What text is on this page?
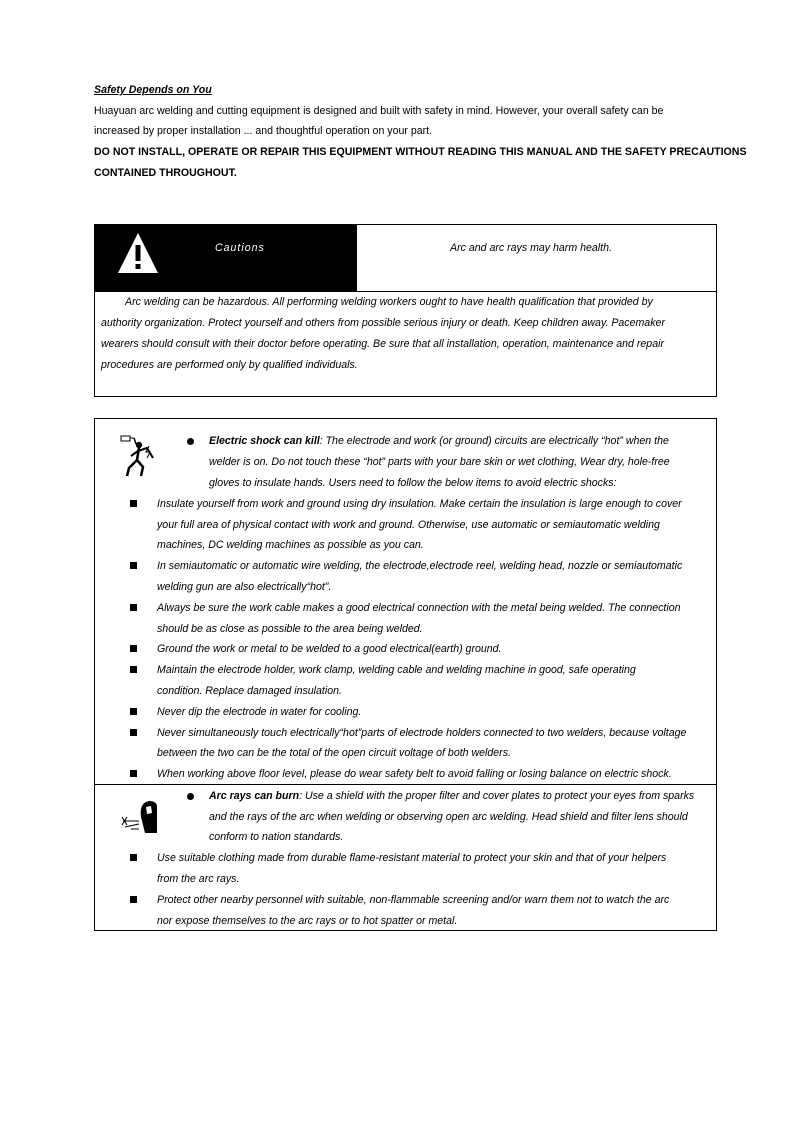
Safety Depends on You
Huayuan arc welding and cutting equipment is designed and built with safety in mind. However, your overall safety can be
increased by proper installation ... and thoughtful operation on your part.
DO NOT INSTALL, OPERATE OR REPAIR THIS EQUIPMENT WITHOUT READING THIS MANUAL AND THE SAFETY PRECAUTIONS
CONTAINED THROUGHOUT.
Cautions	Arc and arc rays may harm health.
Arc welding can be hazardous. All performing welding workers ought to have health qualification that provided by
authority organization. Protect yourself and others from possible serious injury or death. Keep children away. Pacemaker
wearers should consult with their doctor before operating. Be sure that all installation, operation, maintenance and repair
procedures are performed only by qualified individuals.
Electric shock can kill: The electrode and work (or ground) circuits are electrically “hot” when the
welder is on. Do not touch these “hot” parts with your bare skin or wet clothing, Wear dry, hole-free
gloves to insulate hands. Users need to follow the below items to avoid electric shocks:
Insulate yourself from work and ground using dry insulation. Make certain the insulation is large enough to cover
your full area of physical contact with work and ground. Otherwise, use automatic or semiautomatic welding
machines, DC welding machines as possible as you can.
In semiautomatic or automatic wire welding, the electrode,electrode reel, welding head, nozzle or semiautomatic
welding gun are also electrically“hot”.
Always be sure the work cable makes a good electrical connection with the metal being welded. The connection
should be as close as possible to the area being welded.
Ground the work or metal to be welded to a good electrical(earth) ground.
Maintain the electrode holder, work clamp, welding cable and welding machine in good, safe operating
condition. Replace damaged insulation.
Never dip the electrode in water for cooling.
Never simultaneously touch electrically“hot”parts of electrode holders connected to two welders, because voltage
between the two can be the total of the open circuit voltage of both welders.
When working above floor level, please do wear safety belt to avoid falling or losing balance on electric shock.
Arc rays can burn: Use a shield with the proper filter and cover plates to protect your eyes from sparks
and the rays of the arc when welding or observing open arc welding. Head shield and filter lens should
conform to nation standards.
Use suitable clothing made from durable flame-resistant material to protect your skin and that of your helpers
from the arc rays.
Protect other nearby personnel with suitable, non-flammable screening and/or warn them not to watch the arc
nor expose themselves to the arc rays or to hot spatter or metal.
